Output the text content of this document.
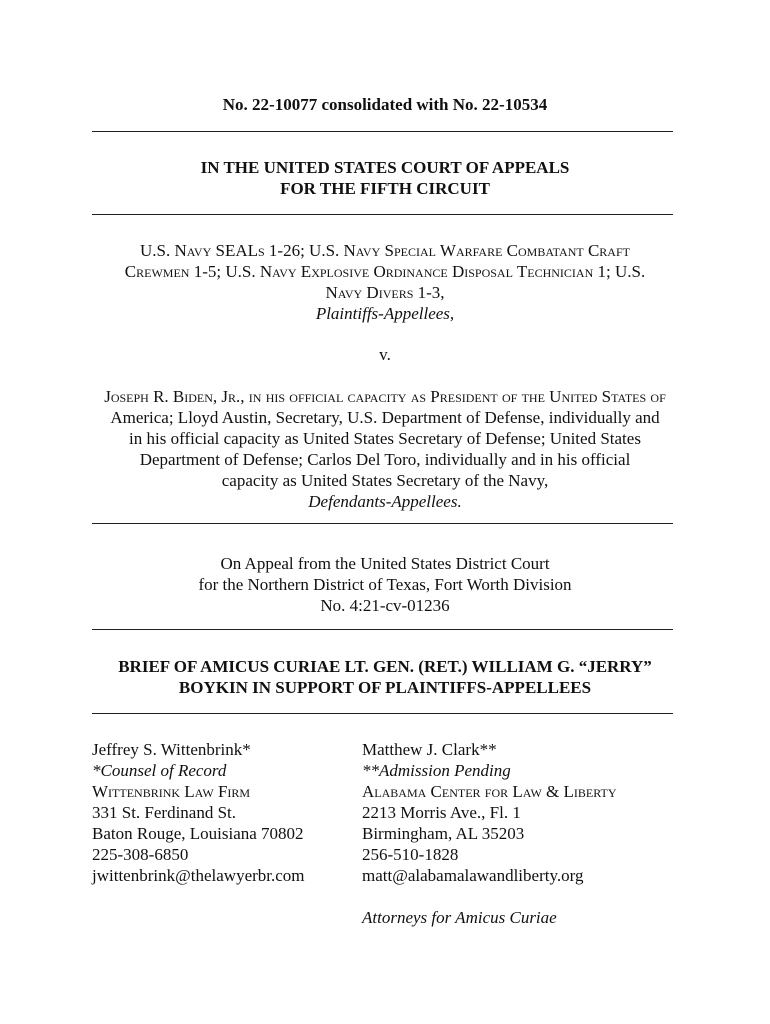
No. 22-10077 consolidated with No. 22-10534
IN THE UNITED STATES COURT OF APPEALS
FOR THE FIFTH CIRCUIT
U.S. Navy SEALs 1-26; U.S. Navy Special Warfare Combatant Craft
Crewmen 1-5; U.S. Navy Explosive Ordinance Disposal Technician 1; U.S.
Navy Divers 1-3,
Plaintiffs-Appellees,
v.
Joseph R. Biden, Jr., in his official capacity as President of the United States of
America; Lloyd Austin, Secretary, U.S. Department of Defense, individually and
in his official capacity as United States Secretary of Defense; United States
Department of Defense; Carlos Del Toro, individually and in his official
capacity as United States Secretary of the Navy,
Defendants-Appellees.
On Appeal from the United States District Court
for the Northern District of Texas, Fort Worth Division
No. 4:21-cv-01236
BRIEF OF AMICUS CURIAE LT. GEN. (RET.) WILLIAM G. “JERRY”
BOYKIN IN SUPPORT OF PLAINTIFFS-APPELLEES
Jeffrey S. Wittenbrink*
*Counsel of Record
Wittenbrink Law Firm
331 St. Ferdinand St.
Baton Rouge, Louisiana 70802
225-308-6850
jwittenbrink@thelawyerbr.com
Matthew J. Clark**
**Admission Pending
Alabama Center for Law & Liberty
2213 Morris Ave., Fl. 1
Birmingham, AL 35203
256-510-1828
matt@alabamalawandliberty.org
Attorneys for Amicus Curiae
